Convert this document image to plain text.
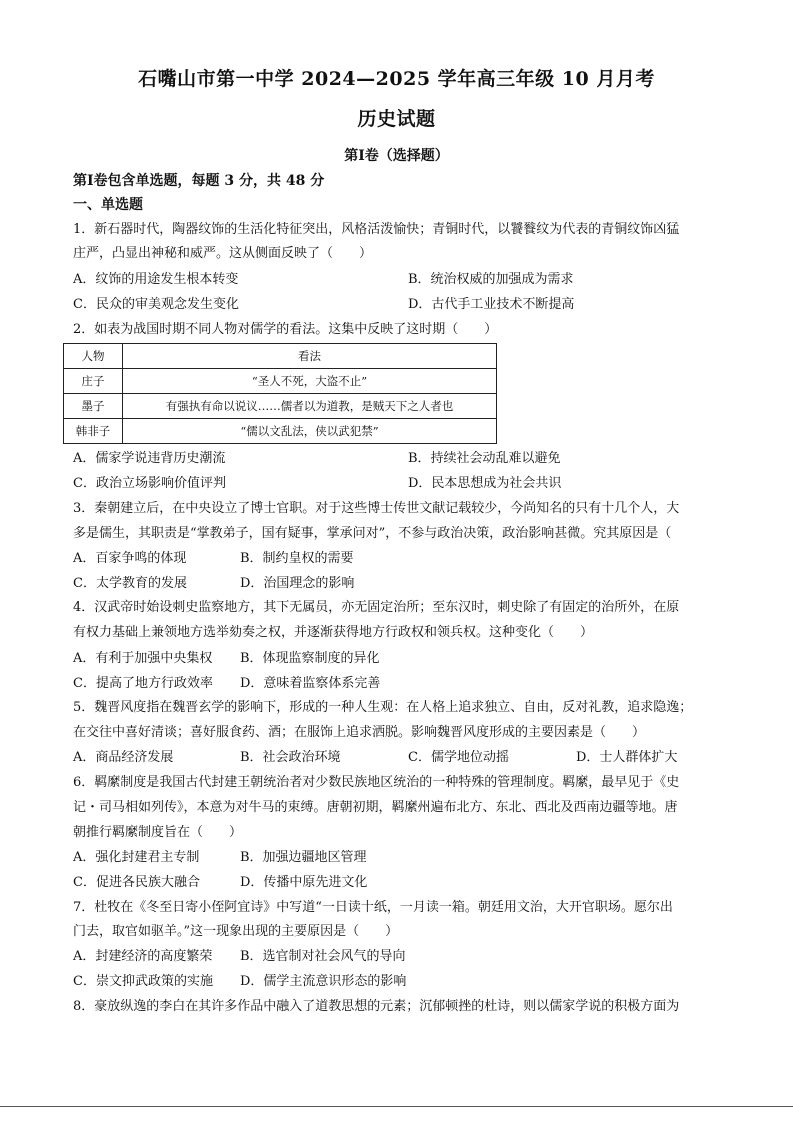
石嘴山市第一中学 2024—2025 学年高三年级 10 月月考
历史试题
第Ⅰ卷（选择题）
第Ⅰ卷包含单选题，每题 3 分，共 48 分
一、单选题
1．新石器时代，陶器纹饰的生活化特征突出，风格活泼愉快；青铜时代，以饕餮纹为代表的青铜纹饰凶猛
庄严，凸显出神秘和威严。这从侧面反映了（　　）
A．纹饰的用途发生根本转变	B．统治权威的加强成为需求
C．民众的审美观念发生变化	D．古代手工业技术不断提高
2．如表为战国时期不同人物对儒学的看法。这集中反映了这时期（　　）
人物	看法
庄子	“圣人不死，大盗不止”
墨子	有强执有命以说议……儒者以为道教，是贼天下之人者也
韩非子	“儒以文乱法，侠以武犯禁”
A．儒家学说违背历史潮流	B．持续社会动乱难以避免
C．政治立场影响价值评判	D．民本思想成为社会共识
3．秦朝建立后，在中央设立了博士官职。对于这些博士传世文献记载较少，今尚知名的只有十几个人，大
多是儒生，其职责是“掌教弟子，国有疑事，掌承问对”，不参与政治决策，政治影响甚微。究其原因是（
A．百家争鸣的体现	B．制约皇权的需要
C．太学教育的发展	D．治国理念的影响
4．汉武帝时始设刺史监察地方，其下无属员，亦无固定治所；至东汉时，刺史除了有固定的治所外，在原
有权力基础上兼领地方选举劾奏之权，并逐渐获得地方行政权和领兵权。这种变化（　　）
A．有利于加强中央集权 B．体现监察制度的异化
C．提高了地方行政效率 D．意味着监察体系完善
5．魏晋风度指在魏晋玄学的影响下，形成的一种人生观：在人格上追求独立、自由，反对礼教，追求隐逸；
在交往中喜好清谈；喜好服食药、酒；在服饰上追求洒脱。影响魏晋风度形成的主要因素是（　　）
A．商品经济发展	B．社会政治环境	C．儒学地位动摇	D．士人群体扩大
6．羁縻制度是我国古代封建王朝统治者对少数民族地区统治的一种特殊的管理制度。羁縻，最早见于《史
记・司马相如列传》，本意为对牛马的束缚。唐朝初期，羁縻州遍布北方、东北、西北及西南边疆等地。唐
朝推行羁縻制度旨在（　　）
A．强化封建君主专制	B．加强边疆地区管理
C．促进各民族大融合	D．传播中原先进文化
7．杜牧在《冬至日寄小侄阿宜诗》中写道“一日读十纸，一月读一箱。朝廷用文治，大开官职场。愿尔出
门去，取官如驱羊。”这一现象出现的主要原因是（　　）
A．封建经济的高度繁荣 B．选官制对社会风气的导向
C．崇文抑武政策的实施 D．儒学主流意识形态的影响
8．豪放纵逸的李白在其许多作品中融入了道教思想的元素；沉郁顿挫的杜诗，则以儒家学说的积极方面为
